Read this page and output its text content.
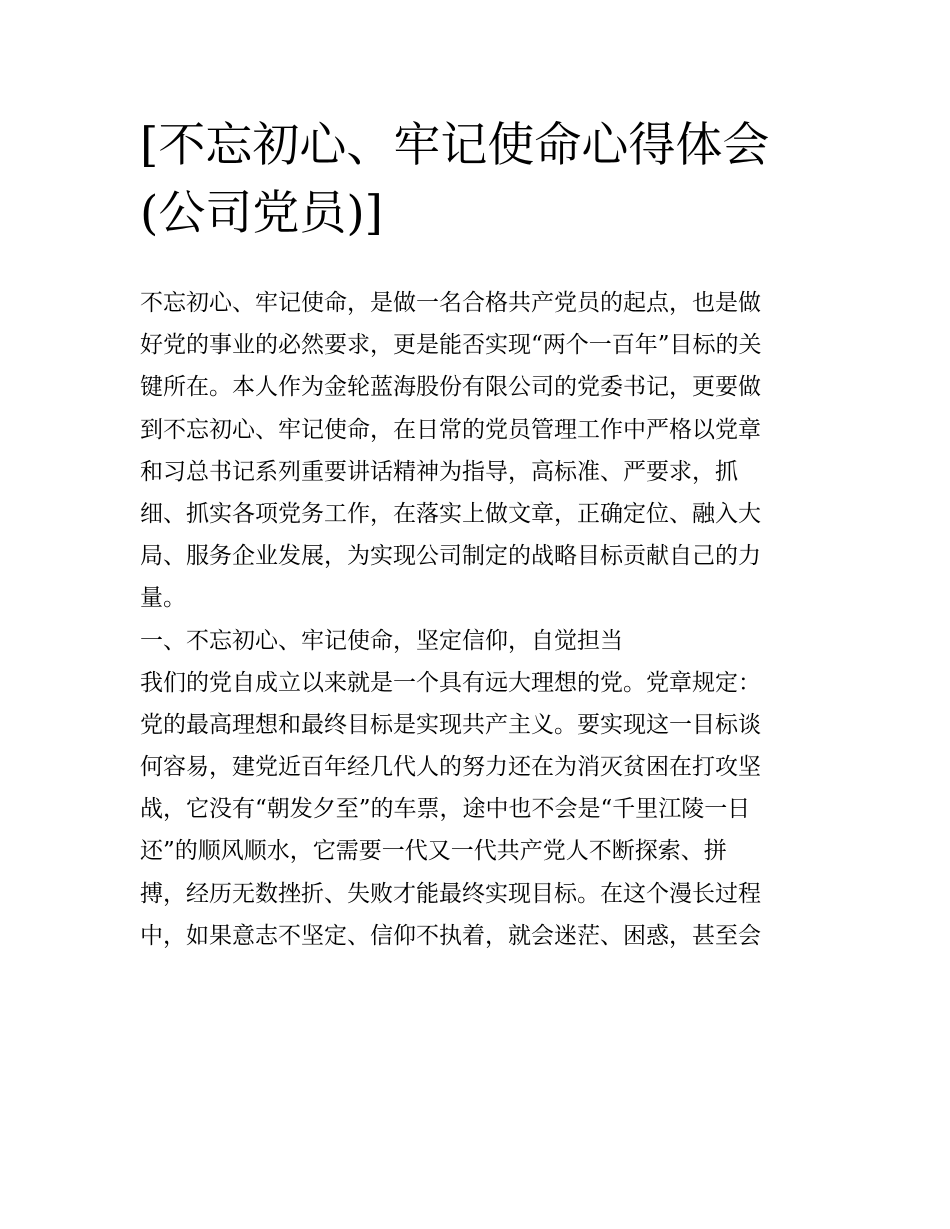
[不忘初心、牢记使命心得体会
(公司党员)]
不忘初心、牢记使命，是做一名合格共产党员的起点，也是做
好党的事业的必然要求，更是能否实现“两个一百年”目标的关
键所在。本人作为金轮蓝海股份有限公司的党委书记，更要做
到不忘初心、牢记使命，在日常的党员管理工作中严格以党章
和习总书记系列重要讲话精神为指导，高标准、严要求，抓
细、抓实各项党务工作，在落实上做文章，正确定位、融入大
局、服务企业发展，为实现公司制定的战略目标贡献自己的力
量。
一、不忘初心、牢记使命，坚定信仰，自觉担当
我们的党自成立以来就是一个具有远大理想的党。党章规定：
党的最高理想和最终目标是实现共产主义。要实现这一目标谈
何容易，建党近百年经几代人的努力还在为消灭贫困在打攻坚
战，它没有“朝发夕至”的车票，途中也不会是“千里江陵一日
还”的顺风顺水，它需要一代又一代共产党人不断探索、拼
搏，经历无数挫折、失败才能最终实现目标。在这个漫长过程
中，如果意志不坚定、信仰不执着，就会迷茫、困惑，甚至会
